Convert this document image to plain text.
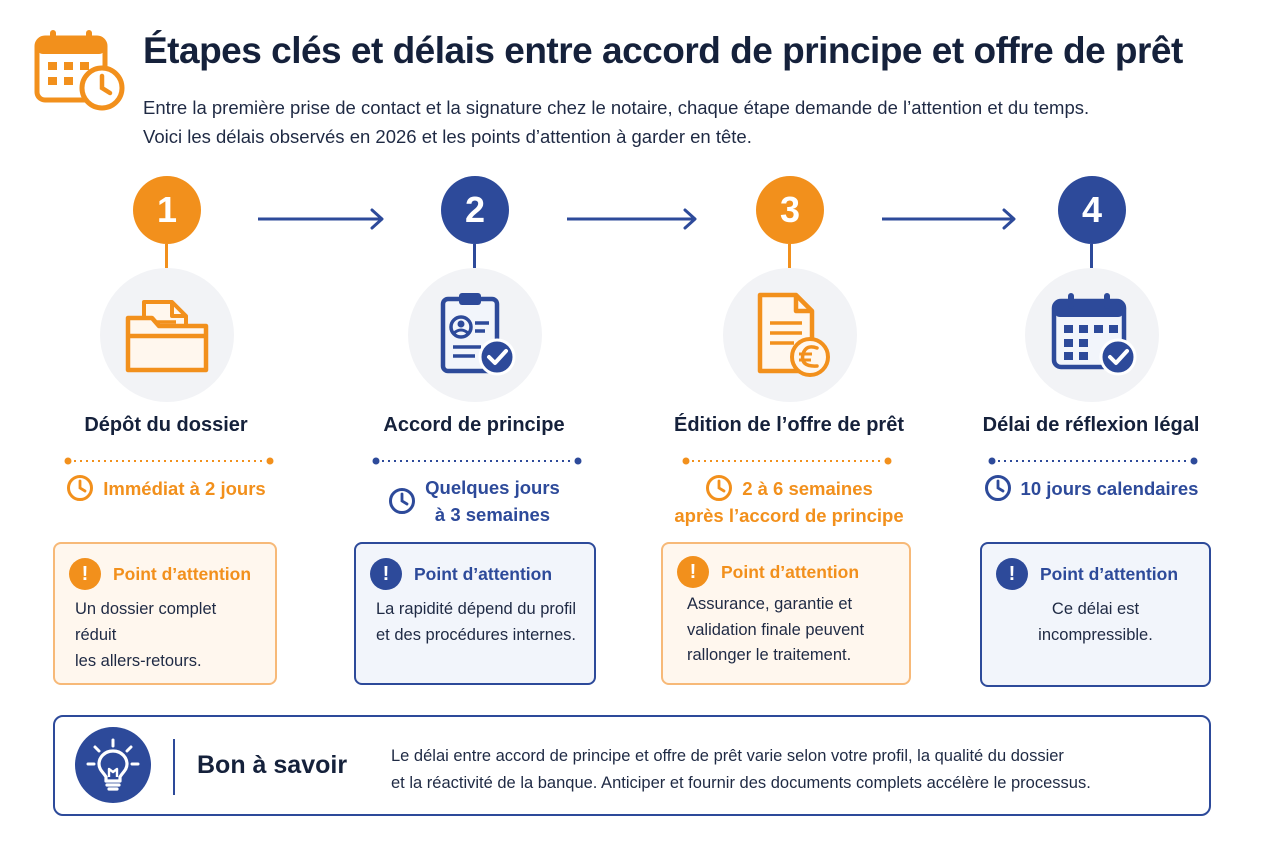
Étapes clés et délais entre accord de principe et offre de prêt
Entre la première prise de contact et la signature chez le notaire, chaque étape demande de l’attention et du temps.
Voici les délais observés en 2026 et les points d’attention à garder en tête.
1
Dépôt du dossier
Immédiat à 2 jours
!	Point d’attention
Un dossier complet réduit
les allers-retours.
2
Accord de principe
Quelques jours
à 3 semaines
!	Point d’attention
La rapidité dépend du profil
et des procédures internes.
3
Édition de l’offre de prêt
2 à 6 semaines
après l’accord de principe
!	Point d’attention
Assurance, garantie et
validation finale peuvent
rallonger le traitement.
4
Délai de réflexion légal
10 jours calendaires
!	Point d’attention
Ce délai est
incompressible.
Bon à savoir	Le délai entre accord de principe et offre de prêt varie selon votre profil, la qualité du dossier
et la réactivité de la banque. Anticiper et fournir des documents complets accélère le processus.
